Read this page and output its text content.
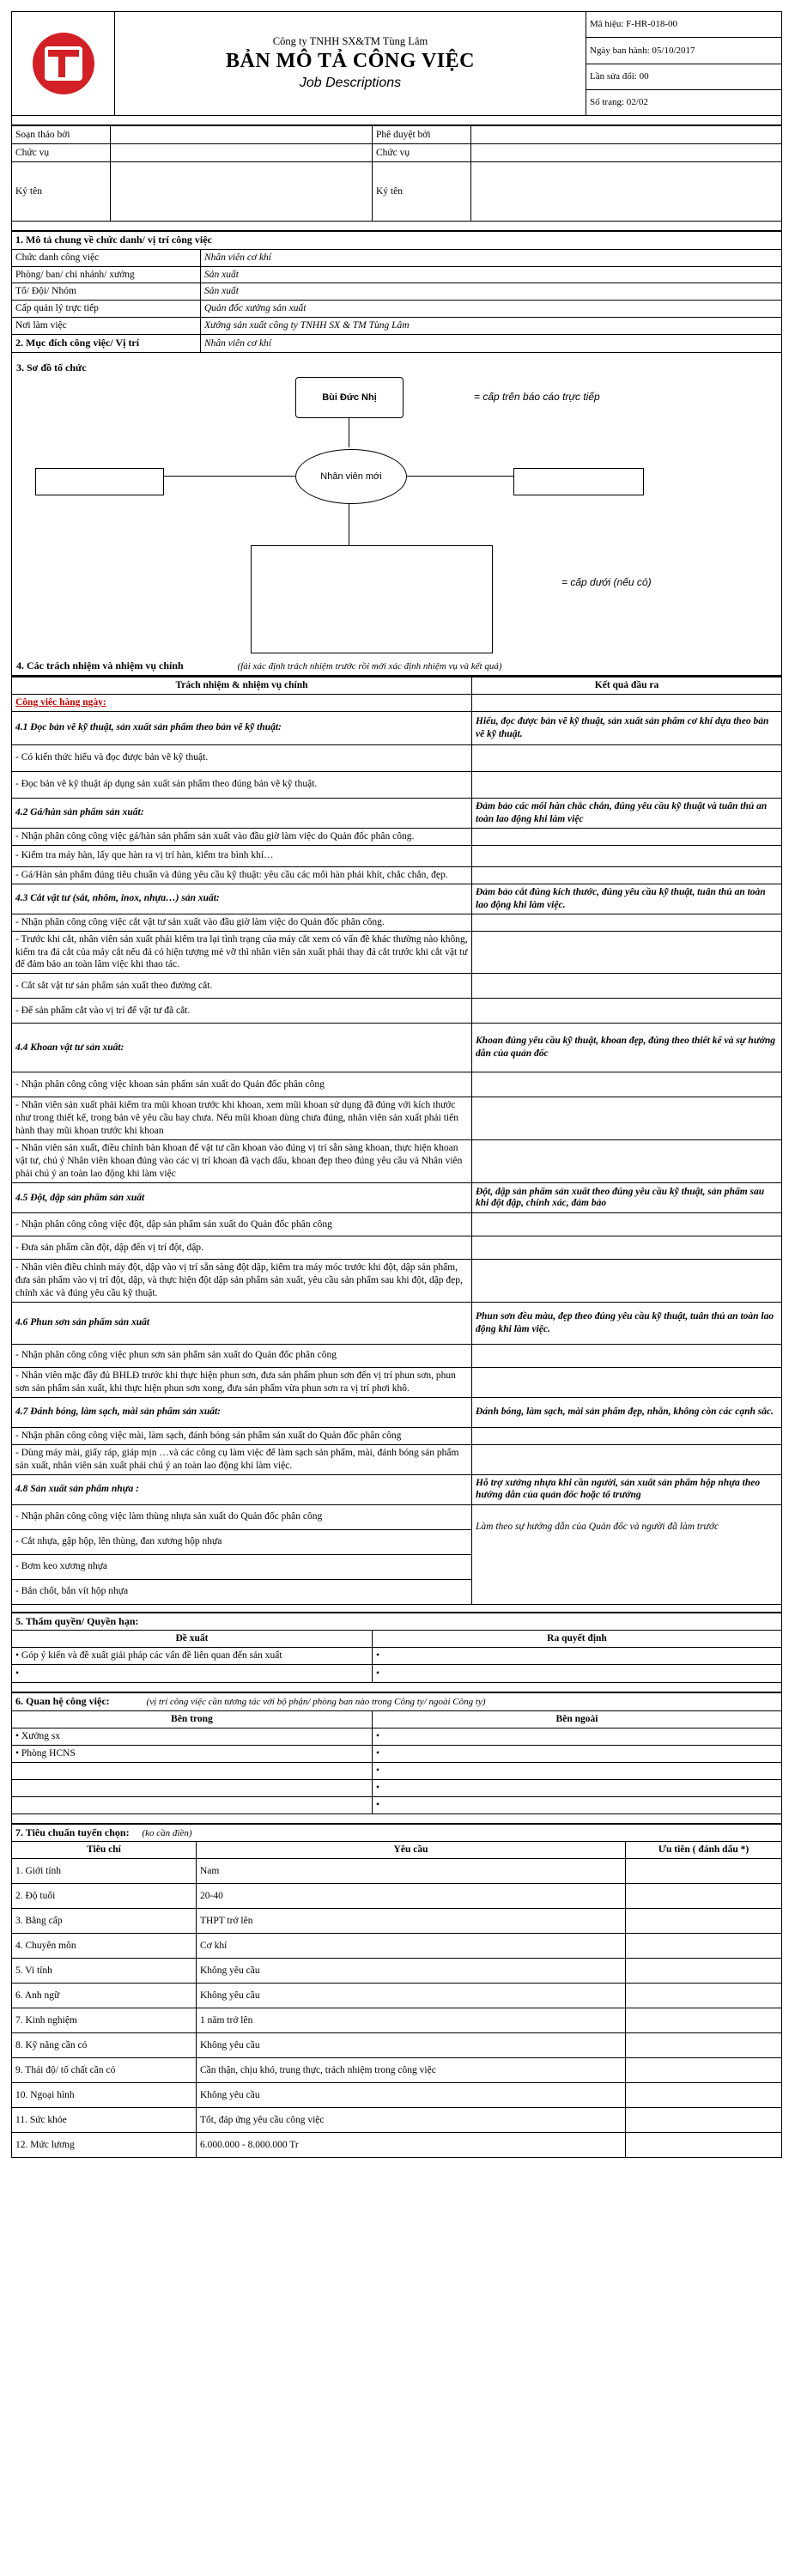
Công ty TNHH SX&TM Tùng Lâm
BẢN MÔ TẢ CÔNG VIỆC
Job Descriptions
	Mã hiệu: F-HR-018-00
Ngày ban hành: 05/10/2017
Lần sửa đổi: 00
Số trang: 02/02
Soạn thảo bởi		Phê duyệt bởi	
Chức vụ		Chức vụ	
Ký tên		Ký tên	
1. Mô tả chung về chức danh/ vị trí công việc	
Chức danh công việc	Nhân viên cơ khí
Phòng/ ban/ chi nhánh/ xưởng	Sản xuất
Tổ/ Đội/ Nhóm	Sản xuất
Cấp quản lý trực tiếp	Quản đốc xưởng sản xuất
Nơi làm việc	Xưởng sản xuất công ty TNHH SX & TM Tùng Lâm
2. Mục đích công việc/ Vị trí	Nhân viên cơ khí
3. Sơ đồ tổ chức
Bùi Đức Nhị	= cấp trên báo cáo trực tiếp
Nhân viên mới
= cấp dưới (nếu có)
4. Các trách nhiệm và nhiệm vụ chính	(fải xác định trách nhiệm trước rồi mới xác định nhiệm vụ và kết quả)
Trách nhiệm & nhiệm vụ chính	Kết quả đầu ra
Công việc hàng ngày:	
4.1 Đọc bản vẽ kỹ thuật, sản xuất sản phẩm theo bản vẽ kỹ thuật:	Hiểu, đọc được bản vẽ kỹ thuật, sản xuất sản phẩm cơ khí dựa theo bản vẽ kỹ thuật.
- Có kiến thức hiểu và đọc được bản vẽ kỹ thuật.	
- Đọc bản vẽ kỹ thuật áp dụng sản xuất sản phẩm theo đúng bản vẽ kỹ thuật.	
4.2 Gá/hàn sản phẩm sản xuất:	Đảm bảo các mối hàn chắc chắn, đúng yêu cầu kỹ thuật và tuân thủ an toàn lao động khi làm việc
- Nhận phân công công việc gá/hàn sản phẩm sản xuất vào đầu giờ làm việc do Quản đốc phân công.	
- Kiểm tra máy hàn, lấy que hàn ra vị trí hàn, kiểm tra bình khí…	
- Gá/Hàn sản phẩm đúng tiêu chuẩn và đúng yêu cầu kỹ thuật: yêu cầu các mối hàn phải khít, chắc chắn, đẹp.	
4.3 Cắt vật tư (sắt, nhôm, inox, nhựa…) sản xuất:	Đảm bảo cắt đúng kích thước, đúng yêu cầu kỹ thuật, tuân thủ an toàn lao động khi làm việc.
- Nhận phân công công việc cắt vật tư sản xuất vào đầu giờ làm việc do Quản đốc phân công.	
- Trước khi cắt, nhân viên sản xuất phải kiểm tra lại tình trạng của máy cắt xem có vấn đề khác thường nào không, kiểm tra đá cắt của máy cắt nếu đá có hiện tượng mẻ vỡ thì nhân viên sản xuất phải thay đá cắt trước khi cắt vật tư để đảm bảo an toàn lâm việc khi thao tác.	
- Cắt sắt vật tư sản phẩm sản xuất theo đường cắt.	
- Để sản phẩm cắt vào vị trí để vật tư đã cắt.	
4.4 Khoan vật tư sản xuất:	Khoan đúng yêu cầu kỹ thuật, khoan đẹp, đúng theo thiết kế và sự hướng dẫn của quản đốc
- Nhận phân công công việc khoan sản phẩm sản xuất do Quản đốc phân công	
- Nhân viên sản xuất phải kiểm tra mũi khoan trước khi khoan, xem mũi khoan sử dụng đã đúng với kích thước như trong thiết kế, trong bản vẽ yêu cầu hay chưa. Nếu mũi khoan dùng chưa đúng, nhân viên sản xuất phải tiến hành thay mũi khoan trước khi khoan	
- Nhân viên sản xuất, điều chỉnh bàn khoan để vật tư cần khoan vào đúng vị trí sẵn sàng khoan, thực hiện khoan vật tư, chú ý Nhân viên khoan đúng vào các vị trí khoan đã vạch dấu, khoan đẹp theo đúng yêu cầu và Nhân viên phải chú ý an toàn lao động khi làm việc	
4.5 Đột, dập sản phẩm sản xuất	Đột, dập sản phẩm sản xuất theo đúng yêu cầu kỹ thuật, sản phẩm sau khi đột đập, chính xác, đảm bảo
- Nhận phân công công việc đột, dập sản phẩm sản xuất do Quản đốc phân công	
- Đưa sản phẩm cần đột, dập đến vị trí đột, dập.	
- Nhân viên điều chỉnh máy đột, dập vào vị trí sẵn sàng đột dập, kiểm tra máy móc trước khi đột, dập sản phẩm, đưa sản phẩm vào vị trí đột, dập, và thực hiện đột dập sản phẩm sản xuất, yêu cầu sản phẩm sau khi đột, dập đẹp, chính xác và đúng yêu cầu kỹ thuật.	
4.6 Phun sơn sản phẩm sản xuất	Phun sơn đều màu, đẹp theo đúng yêu cầu kỹ thuật, tuân thủ an toàn lao động khi làm việc.
- Nhận phân công công việc phun sơn sản phẩm sản xuất do Quản đốc phân công	
- Nhân viên mặc đầy đủ BHLĐ trước khi thực hiện phun sơn, đưa sản phẩm phun sơn đến vị trí phun sơn, phun sơn sản phẩm sản xuất, khi thực hiện phun sơn xong, đưa sản phẩm vừa phun sơn ra vị trí phơi khô.	
4.7 Đánh bóng, làm sạch, mài sản phẩm sản xuất:	Đánh bóng, làm sạch, mài sản phẩm đẹp, nhẵn, không còn các cạnh sắc.
- Nhận phân công công việc mài, làm sạch, đánh bóng sản phẩm sản xuất do Quản đốc phân công	
- Dùng máy mài, giấy ráp, giáp mịn …và các công cụ làm việc để làm sạch sản phẩm, mài, đánh bóng sản phẩm sản xuất, nhân viên sản xuất phải chú ý an toàn lao động khi làm việc.	
4.8 Sản xuất sản phẩm nhựa :	Hỗ trợ xưởng nhựa khi cần người, sản xuất sản phẩm hộp nhựa theo hướng dẫn của quản đốc hoặc tổ trưởng
- Nhận phân công công việc làm thùng nhựa sản xuất do Quản đốc phân công	Làm theo sự hướng dẫn của Quản đốc và người đã làm trước
- Cắt nhựa, gập hộp, lên thùng, đan xương hộp nhựa	
- Bơm keo xương nhựa	
- Bắn chốt, bắn vít hộp nhựa	
5. Thẩm quyền/ Quyền hạn:	
Đề xuất	Ra quyết định
• Góp ý kiến và đề xuất giải pháp các vấn đề liên quan đến sản xuất	•
•	•
6. Quan hệ công việc: (vị trí công việc cần tương tác với bộ phận/ phòng ban nào trong Công ty/ ngoài Công ty)	
Bên trong	Bên ngoài
• Xưởng sx	•
• Phòng HCNS	•
	•
	•
	•
7. Tiêu chuẩn tuyển chọn: (ko cần điền)		
Tiêu chí	Yêu cầu	Ưu tiên ( đánh dấu *)
1. Giới tính	Nam	
2. Độ tuổi	20-40	
3. Bằng cấp	THPT trở lên	
4. Chuyên môn	Cơ khí	
5. Vi tính	Không yêu cầu	
6. Anh ngữ	Không yêu cầu	
7. Kinh nghiệm	1 năm trở lên	
8. Kỹ năng cần có	Không yêu cầu	
9. Thái độ/ tố chất cần có	Cần thận, chịu khó, trung thực, trách nhiệm trong công việc	
10. Ngoại hình	Không yêu cầu	
11. Sức khỏe	Tốt, đáp ứng yêu cầu công việc	
12. Mức lương	6.000.000 - 8.000.000 Tr	
